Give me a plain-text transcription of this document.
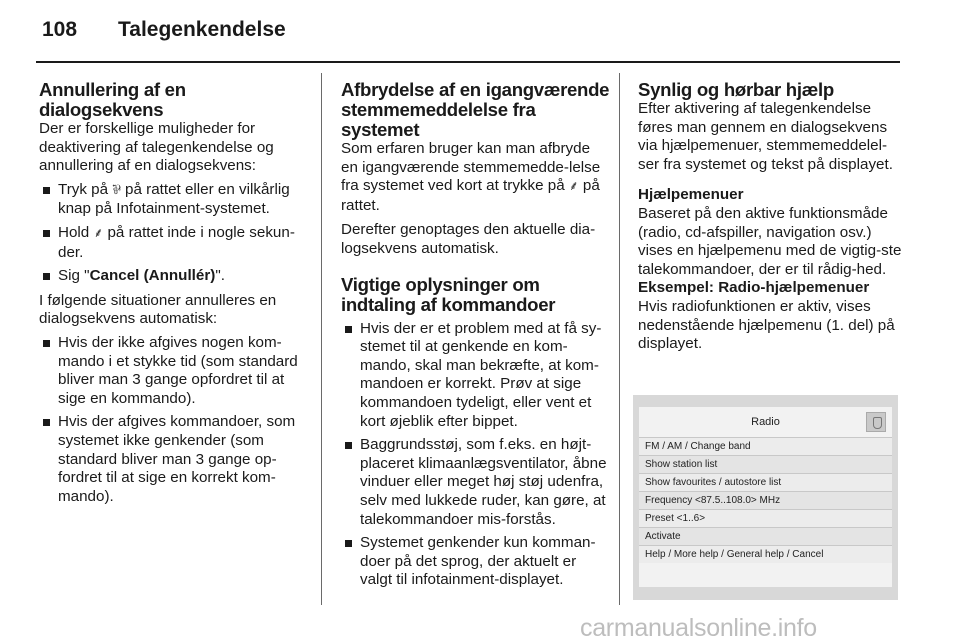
108	Talegenkendelse
Annullering af en dialogsekvens

Der er forskellige muligheder for deaktivering af talegenkendelse og annullering af en dialogsekvens:

Tryk på ⅌ på rattet eller en vilkårlig knap på Infotainment-systemet.
Hold ⸙ på rattet inde i nogle sekun-der.
Sig "Cancel (Annullér)".

I følgende situationer annulleres en dialogsekvens automatisk:

Hvis der ikke afgives nogen kom-mando i et stykke tid (som standard bliver man 3 gange opfordret til at sige en kommando).
Hvis der afgives kommandoer, som systemet ikke genkender (som standard bliver man 3 gange op-fordret til at sige en korrekt kom-mando).
Afbrydelse af en igangværende stemmemeddelelse fra systemet

Som erfaren bruger kan man afbryde en igangværende stemmemedde-lelse fra systemet ved kort at trykke på ⸙ på rattet.

Derefter genoptages den aktuelle dia-logsekvens automatisk.

Vigtige oplysninger om indtaling af kommandoer
Hvis der er et problem med at få sy-stemet til at genkende en kom-mando, skal man bekræfte, at kom-mandoen er korrekt. Prøv at sige kommandoen tydeligt, eller vent et kort øjeblik efter bippet.
Baggrundsstøj, som f.eks. en højt-placeret klimaanlægsventilator, åbne vinduer eller meget høj støj udenfra, selv med lukkede ruder, kan gøre, at talekommandoer mis-forstås.
Systemet genkender kun komman-doer på det sprog, der aktuelt er valgt til infotainment-displayet.
Synlig og hørbar hjælp

Efter aktivering af talegenkendelse føres man gennem en dialogsekvens via hjælpemenuer, stemmemeddelel-ser fra systemet og tekst på displayet.

Hjælpemenuer

Baseret på den aktive funktionsmåde (radio, cd-afspiller, navigation osv.) vises en hjælpemenu med de vigtig-ste talekommandoer, der er til rådig-hed.

Eksempel: Radio-hjælpemenuer

Hvis radiofunktionen er aktiv, vises nedenstående hjælpemenu (1. del) på displayet.

Radio
FM / AM / Change band
Show station list
Show favourites / autostore list
Frequency <87.5..108.0> MHz
Preset <1..6>
Activate
Help / More help / General help / Cancel
carmanualsonline.info
